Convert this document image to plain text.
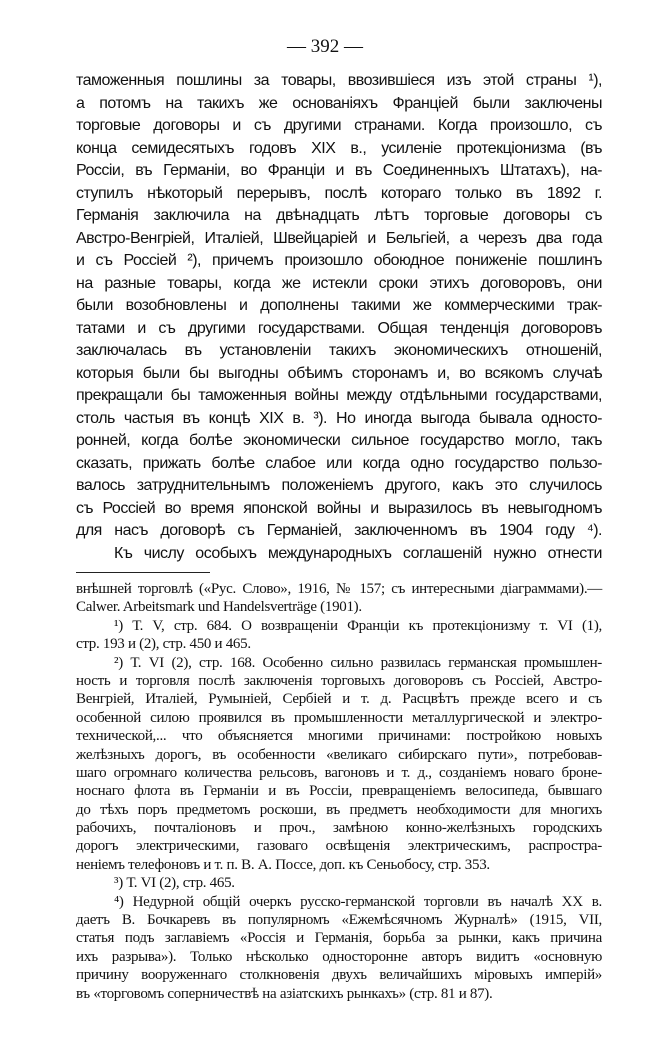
— 392 —
таможенныя пошлины за товары, ввозившіеся изъ этой страны ¹),
а потомъ на такихъ же основаніяхъ Франціей были заключены
торговые договоры и съ другими странами. Когда произошло, съ
конца семидесятыхъ годовъ XIX в., усиленіе протекціонизма (въ
Россіи, въ Германіи, во Франціи и въ Соединенныхъ Штатахъ), на-
ступилъ нѣкоторый перерывъ, послѣ котораго только въ 1892 г.
Германія заключила на двѣнадцать лѣтъ торговые договоры съ
Австро-Венгріей, Италіей, Швейцаріей и Бельгіей, а черезъ два года
и съ Россіей ²), причемъ произошло обоюдное пониженіе пошлинъ
на разные товары, когда же истекли сроки этихъ договоровъ, они
были возобновлены и дополнены такими же коммерческими трак-
татами и съ другими государствами. Общая тенденція договоровъ
заключалась въ установленіи такихъ экономическихъ отношеній,
которыя были бы выгодны обѣимъ сторонамъ и, во всякомъ случаѣ
прекращали бы таможенныя войны между отдѣльными государствами,
столь частыя въ концѣ XIX в. ³). Но иногда выгода бывала односто-
ронней, когда болѣе экономически сильное государство могло, такъ
сказать, прижать болѣе слабое или когда одно государство пользо-
валось затруднительнымъ положеніемъ другого, какъ это случилось
съ Россіей во время японской войны и выразилось въ невыгодномъ
для насъ договорѣ съ Германіей, заключенномъ въ 1904 году ⁴).
Къ числу особыхъ международныхъ соглашеній нужно отнести
внѣшней торговлѣ («Рус. Слово», 1916, № 157; съ интересными діаграммами).—
Calwer. Arbeitsmark und Handelsverträge (1901).
¹) Т. V, стр. 684. О возвращеніи Франціи къ протекціонизму т. VI (1),
стр. 193 и (2), стр. 450 и 465.
²) Т. VI (2), стр. 168. Особенно сильно развилась германская промышлен-
ность и торговля послѣ заключенія торговыхъ договоровъ съ Россіей, Австро-
Венгріей, Италіей, Румыніей, Сербіей и т. д. Расцвѣтъ прежде всего и съ
особенной силою проявился въ промышленности металлургической и электро-
технической,... что объясняется многими причинами: постройкою новыхъ
желѣзныхъ дорогъ, въ особенности «великаго сибирскаго пути», потребовав-
шаго огромнаго количества рельсовъ, вагоновъ и т. д., созданіемъ новаго броне-
носнаго флота въ Германіи и въ Россіи, превращеніемъ велосипеда, бывшаго
до тѣхъ поръ предметомъ роскоши, въ предметъ необходимости для многихъ
рабочихъ, почталіоновъ и проч., замѣною конно-желѣзныхъ городскихъ
дорогъ электрическими, газоваго освѣщенія электрическимъ, распростра-
неніемъ телефоновъ и т. п. В. А. Поссе, доп. къ Сеньобосу, стр. 353.
³) Т. VI (2), стр. 465.
⁴) Недурной общій очеркъ русско-германской торговли въ началѣ XX в.
даетъ В. Бочкаревъ въ популярномъ «Ежемѣсячномъ Журналѣ» (1915, VII,
статья подъ заглавіемъ «Россія и Германія, борьба за рынки, какъ причина
ихъ разрыва»). Только нѣсколько односторонне авторъ видитъ «основную
причину вооруженнаго столкновенія двухъ величайшихъ міровыхъ имперій»
въ «торговомъ соперничествѣ на азіатскихъ рынкахъ» (стр. 81 и 87).
